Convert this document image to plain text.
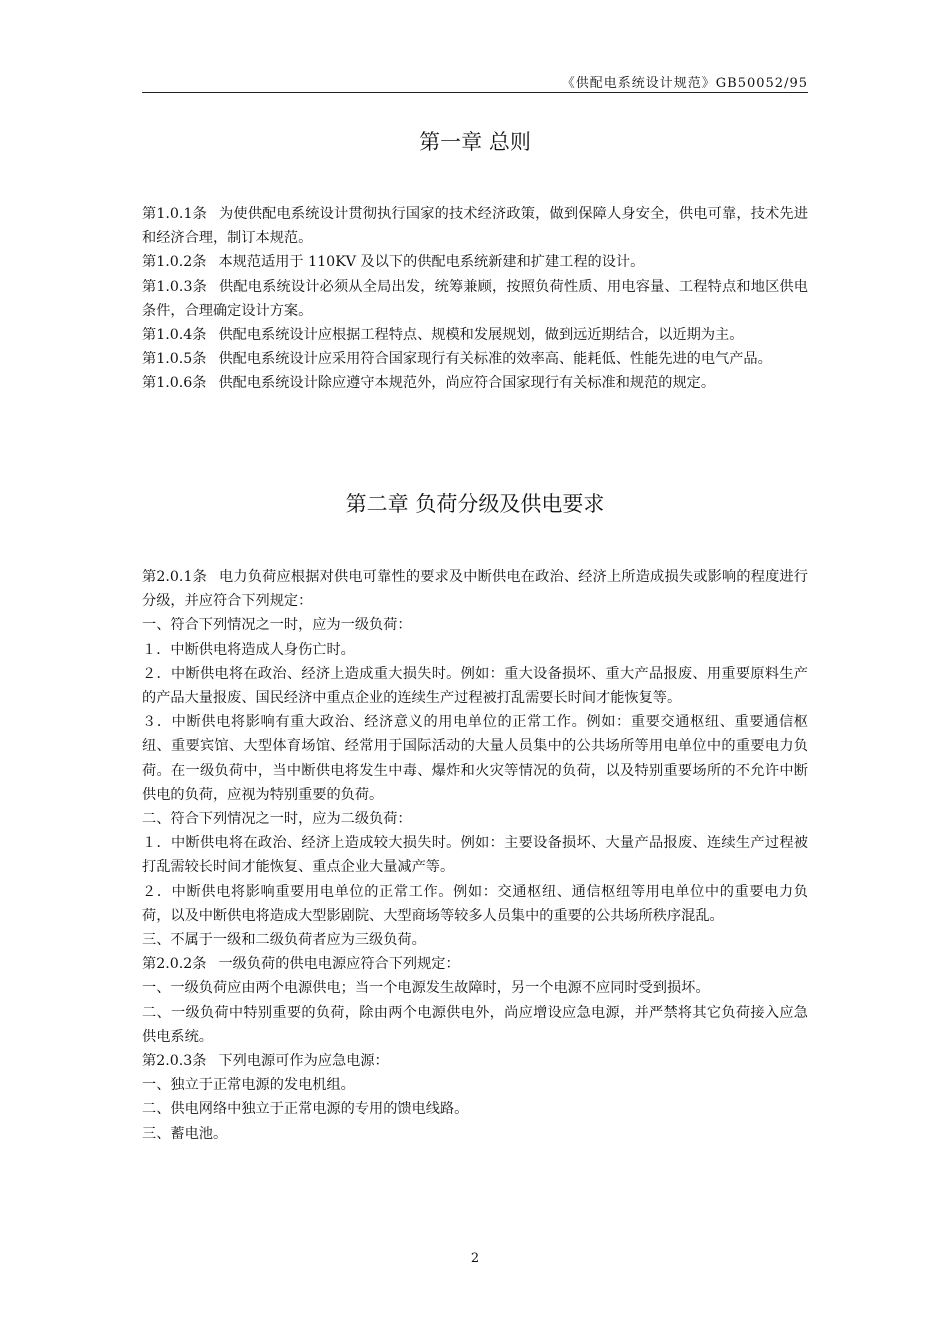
《供配电系统设计规范》GB50052/95
第一章 总则
第1.0.1条 为使供配电系统设计贯彻执行国家的技术经济政策，做到保障人身安全，供电可靠，技术先进和经济合理，制订本规范。
第1.0.2条 本规范适用于 110KV 及以下的供配电系统新建和扩建工程的设计。
第1.0.3条 供配电系统设计必须从全局出发，统筹兼顾，按照负荷性质、用电容量、工程特点和地区供电条件，合理确定设计方案。
第1.0.4条 供配电系统设计应根据工程特点、规模和发展规划，做到远近期结合，以近期为主。
第1.0.5条 供配电系统设计应采用符合国家现行有关标准的效率高、能耗低、性能先进的电气产品。
第1.0.6条 供配电系统设计除应遵守本规范外，尚应符合国家现行有关标准和规范的规定。
第二章 负荷分级及供电要求
第2.0.1条 电力负荷应根据对供电可靠性的要求及中断供电在政治、经济上所造成损失或影响的程度进行分级，并应符合下列规定：
一、符合下列情况之一时，应为一级负荷：
１．中断供电将造成人身伤亡时。
２．中断供电将在政治、经济上造成重大损失时。例如：重大设备损坏、重大产品报废、用重要原料生产的产品大量报废、国民经济中重点企业的连续生产过程被打乱需要长时间才能恢复等。
３．中断供电将影响有重大政治、经济意义的用电单位的正常工作。例如：重要交通枢纽、重要通信枢纽、重要宾馆、大型体育场馆、经常用于国际活动的大量人员集中的公共场所等用电单位中的重要电力负荷。在一级负荷中，当中断供电将发生中毒、爆炸和火灾等情况的负荷，以及特别重要场所的不允许中断供电的负荷，应视为特别重要的负荷。
二、符合下列情况之一时，应为二级负荷：
１．中断供电将在政治、经济上造成较大损失时。例如：主要设备损坏、大量产品报废、连续生产过程被打乱需较长时间才能恢复、重点企业大量减产等。
２．中断供电将影响重要用电单位的正常工作。例如：交通枢纽、通信枢纽等用电单位中的重要电力负荷，以及中断供电将造成大型影剧院、大型商场等较多人员集中的重要的公共场所秩序混乱。
三、不属于一级和二级负荷者应为三级负荷。
第2.0.2条 一级负荷的供电电源应符合下列规定：
一、一级负荷应由两个电源供电；当一个电源发生故障时，另一个电源不应同时受到损坏。
二、一级负荷中特别重要的负荷，除由两个电源供电外，尚应增设应急电源，并严禁将其它负荷接入应急供电系统。
第2.0.3条 下列电源可作为应急电源：
一、独立于正常电源的发电机组。
二、供电网络中独立于正常电源的专用的馈电线路。
三、蓄电池。
2
